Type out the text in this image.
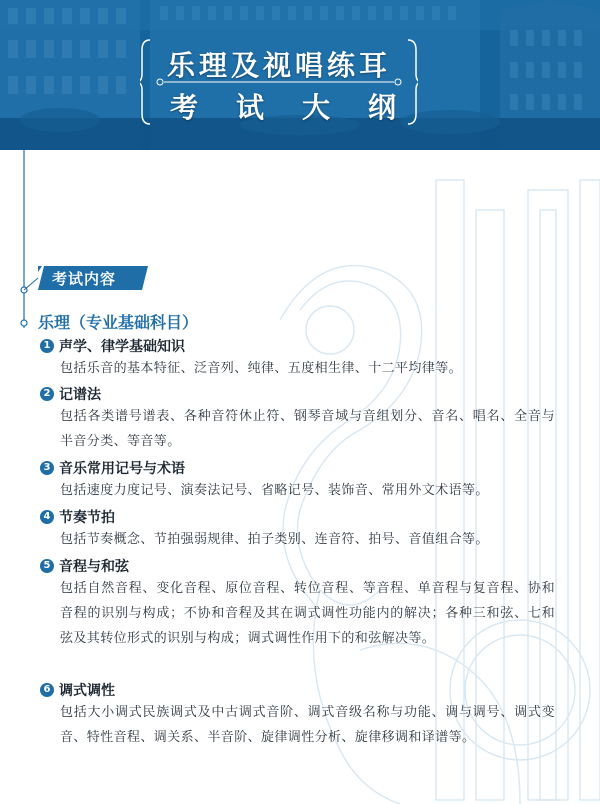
乐理及视唱练耳
考试大纲
考试内容
乐理（专业基础科目）
1 声学、律学基础知识
包括乐音的基本特征、泛音列、纯律、五度相生律、十二平均律等。
2 记谱法
包括各类谱号谱表、各种音符休止符、钢琴音域与音组划分、音名、唱名、全音与半音分类、等音等。
3 音乐常用记号与术语
包括速度力度记号、演奏法记号、省略记号、装饰音、常用外文术语等。
4 节奏节拍
包括节奏概念、节拍强弱规律、拍子类别、连音符、拍号、音值组合等。
5 音程与和弦
包括自然音程、变化音程、原位音程、转位音程、等音程、单音程与复音程、协和音程的识别与构成；不协和音程及其在调式调性功能内的解决；各种三和弦、七和弦及其转位形式的识别与构成；调式调性作用下的和弦解决等。
6 调式调性
包括大小调式民族调式及中古调式音阶、调式音级名称与功能、调与调号、调式变音、特性音程、调关系、半音阶、旋律调性分析、旋律移调和译谱等。
